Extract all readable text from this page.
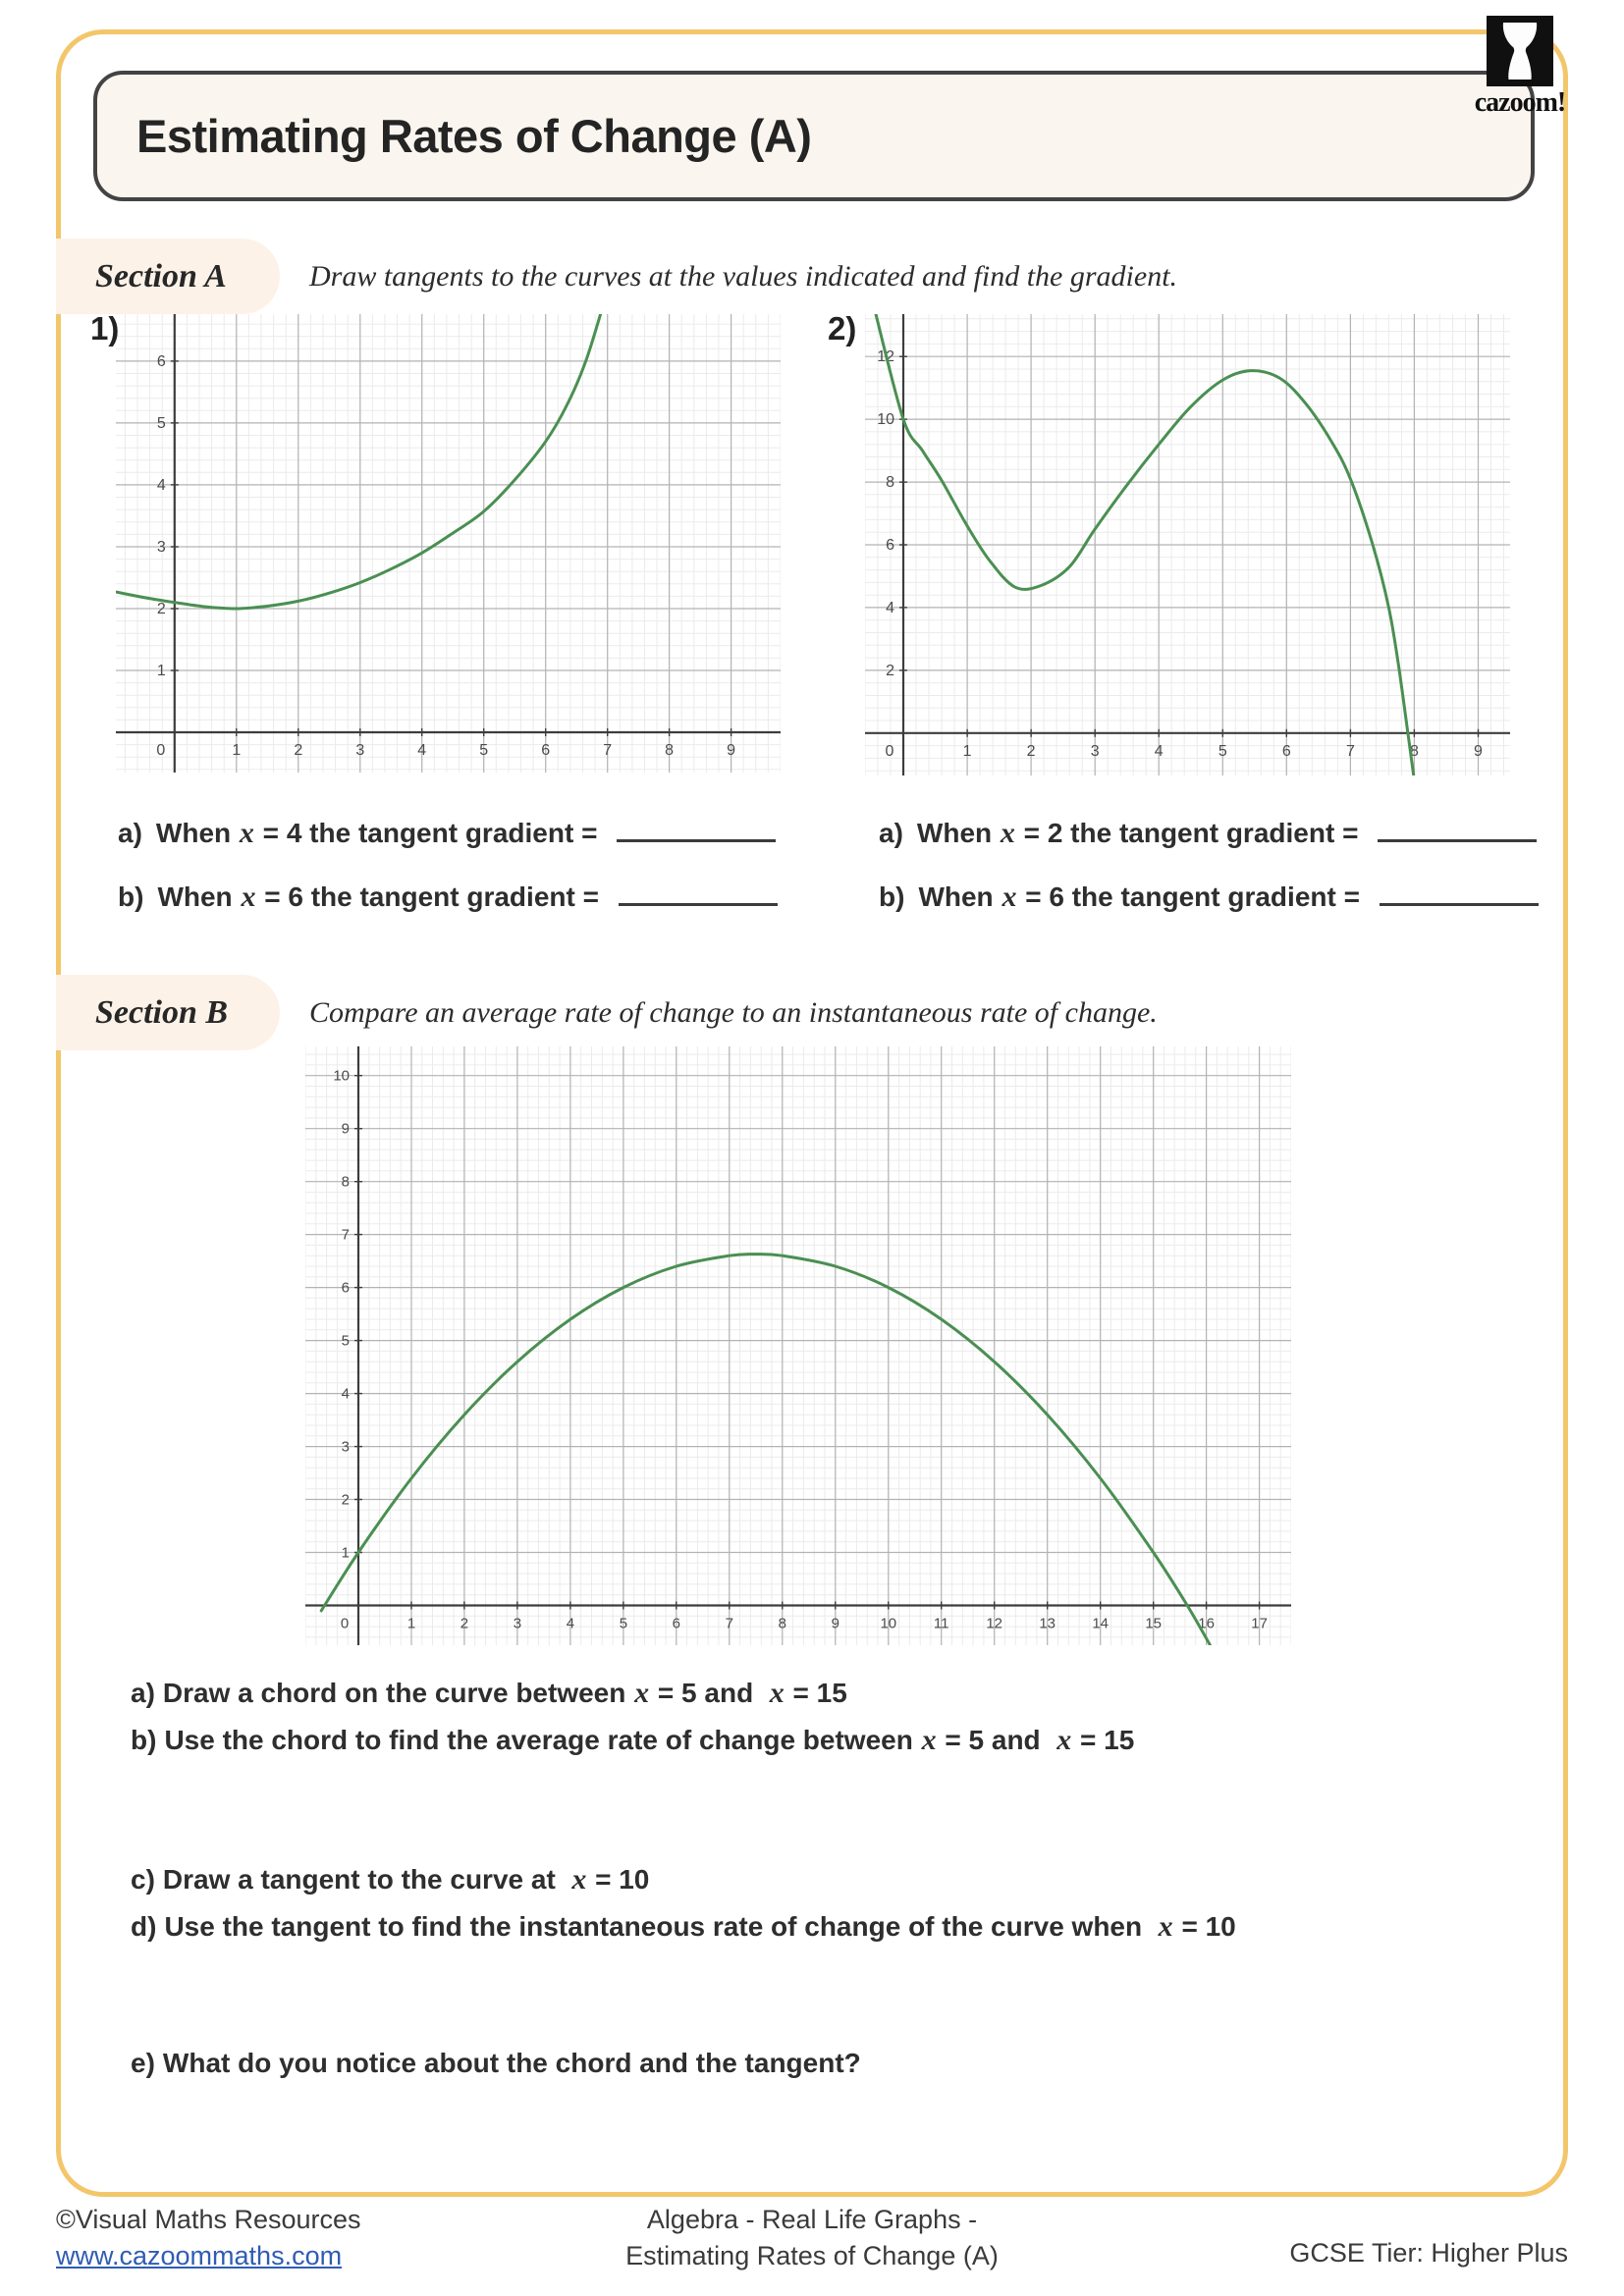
Estimating Rates of Change (A)
cazoom!
Section A	Draw tangents to the curves at the values indicated and find the gradient.
1)
0	1	2	3	4	5	6	7	8	9
1
2
3
4
5
6
2)
0	1	2	3	4	5	6	7	8	9
2
4
6
8
10
12
a) When x = 4 the tangent gradient =
b) When x = 6 the tangent gradient =
a) When x = 2 the tangent gradient =
b) When x = 6 the tangent gradient =
Section B	Compare an average rate of change to an instantaneous rate of change.
0	1	2	3	4	5	6	7	8	9	10	11	12 13 14 15 16 17
1
2
3
4
5
6
7
8
9
10
a) Draw a chord on the curve between x = 5 and  x = 15
b) Use the chord to find the average rate of change between x = 5 and  x = 15
c) Draw a tangent to the curve at  x = 10
d) Use the tangent to find the instantaneous rate of change of the curve when  x = 10
e) What do you notice about the chord and the tangent?
©Visual Maths Resources
www.cazoommaths.com
Algebra - Real Life Graphs -
Estimating Rates of Change (A)	GCSE Tier: Higher Plus
